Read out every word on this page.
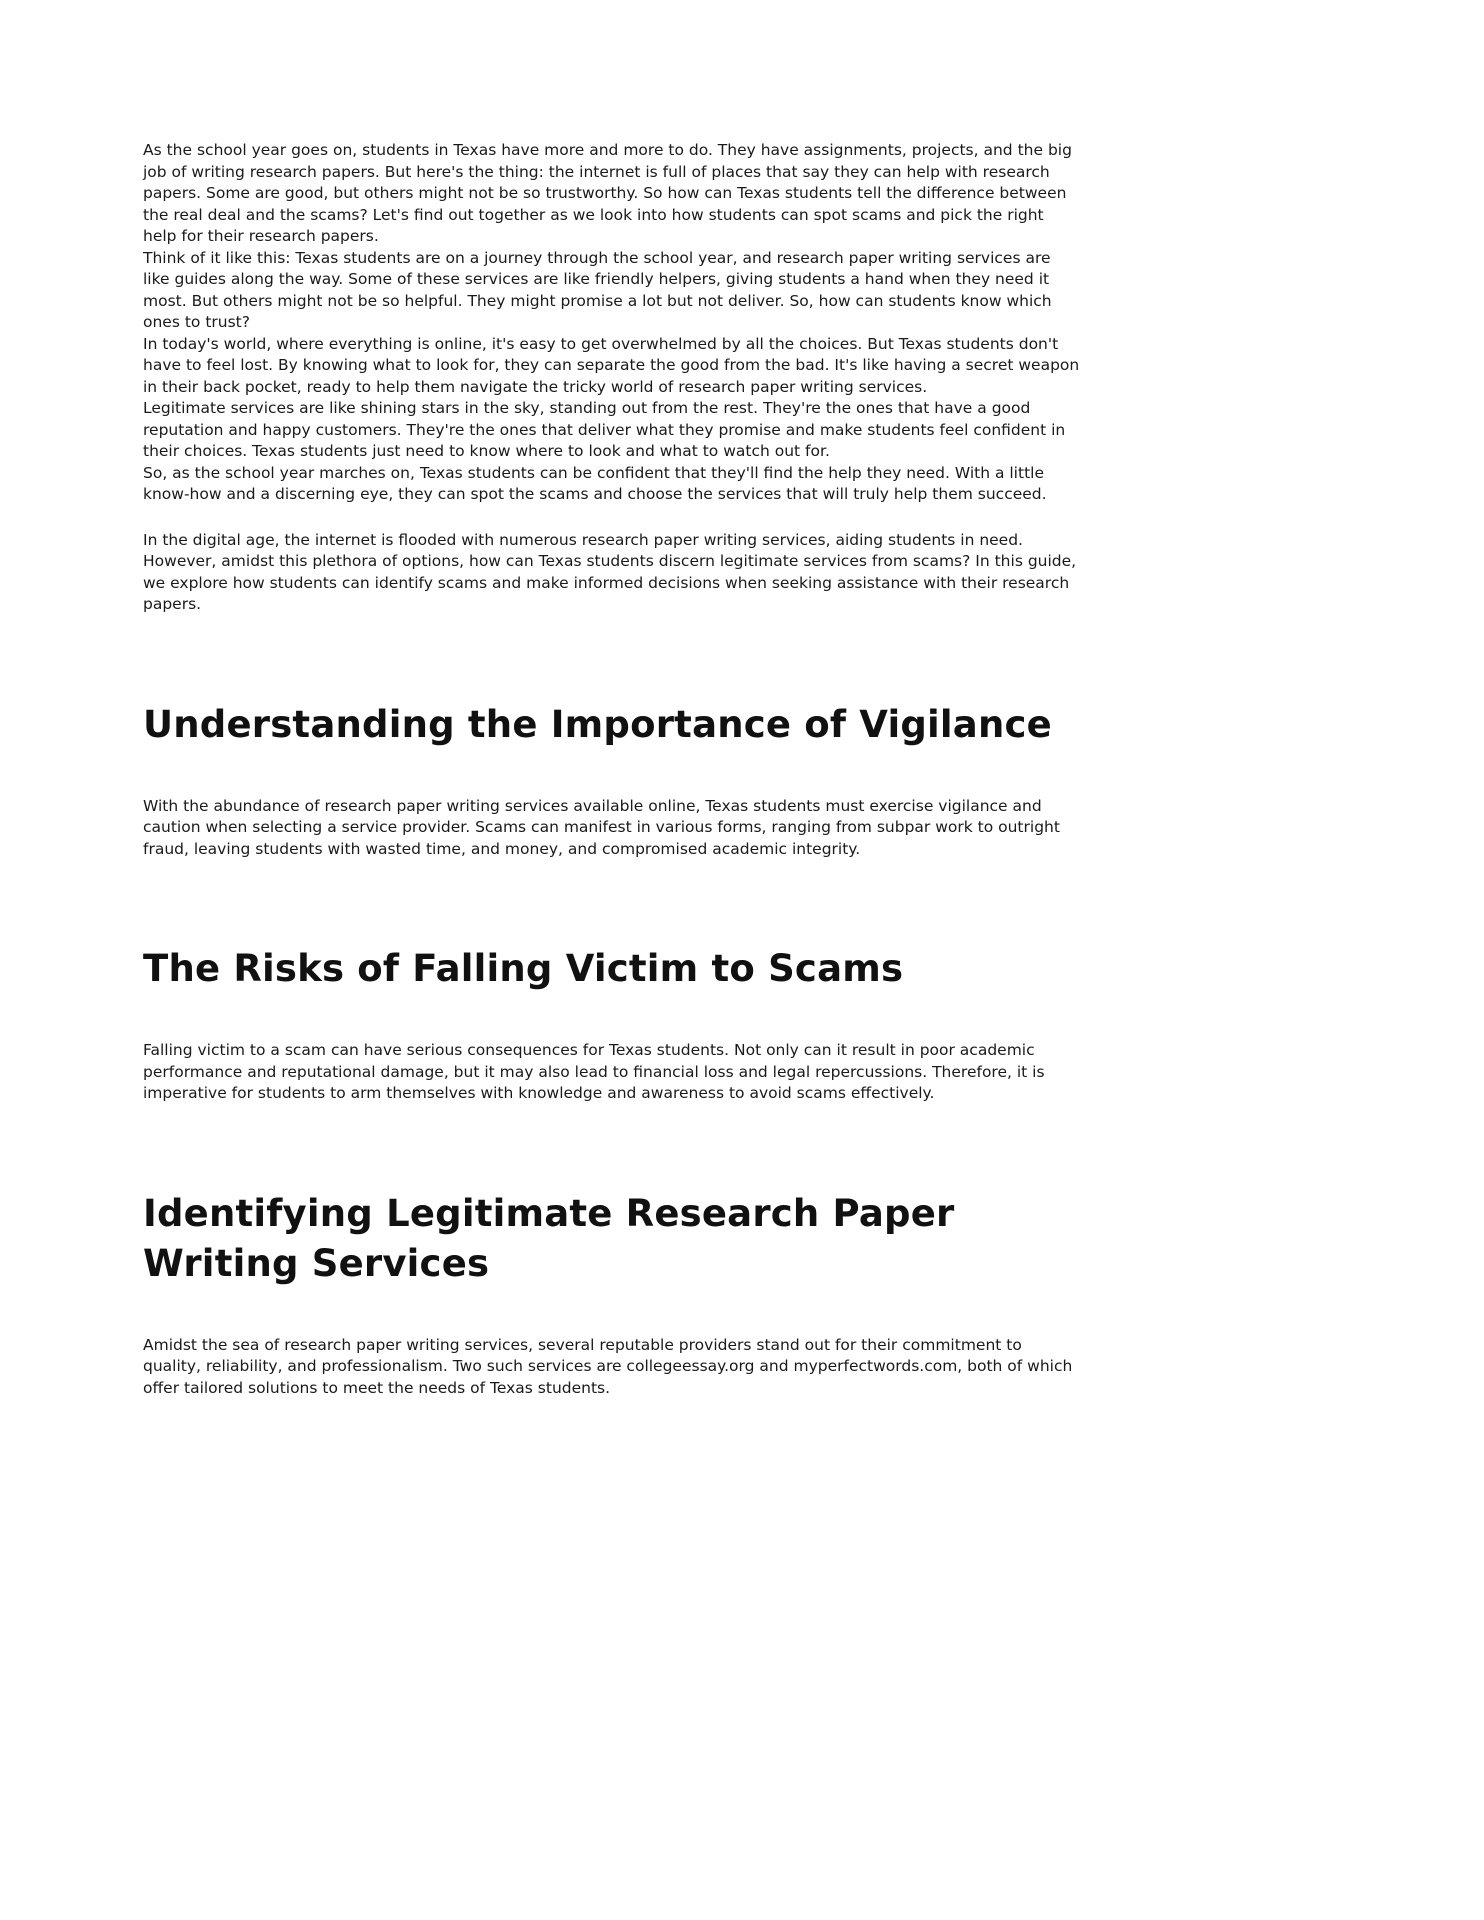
As the school year goes on, students in Texas have more and more to do. They have assignments, projects, and the big job of writing research papers. But here's the thing: the internet is full of places that say they can help with research papers. Some are good, but others might not be so trustworthy. So how can Texas students tell the difference between the real deal and the scams? Let's find out together as we look into how students can spot scams and pick the right help for their research papers.

Think of it like this: Texas students are on a journey through the school year, and research paper writing services are like guides along the way. Some of these services are like friendly helpers, giving students a hand when they need it most. But others might not be so helpful. They might promise a lot but not deliver. So, how can students know which ones to trust?

In today's world, where everything is online, it's easy to get overwhelmed by all the choices. But Texas students don't have to feel lost. By knowing what to look for, they can separate the good from the bad. It's like having a secret weapon in their back pocket, ready to help them navigate the tricky world of research paper writing services.

Legitimate services are like shining stars in the sky, standing out from the rest. They're the ones that have a good reputation and happy customers. They're the ones that deliver what they promise and make students feel confident in their choices. Texas students just need to know where to look and what to watch out for.

So, as the school year marches on, Texas students can be confident that they'll find the help they need. With a little know-how and a discerning eye, they can spot the scams and choose the services that will truly help them succeed.

In the digital age, the internet is flooded with numerous research paper writing services, aiding students in need. However, amidst this plethora of options, how can Texas students discern legitimate services from scams? In this guide, we explore how students can identify scams and make informed decisions when seeking assistance with their research papers.

Understanding the Importance of Vigilance

With the abundance of research paper writing services available online, Texas students must exercise vigilance and caution when selecting a service provider. Scams can manifest in various forms, ranging from subpar work to outright fraud, leaving students with wasted time, and money, and compromised academic integrity.

The Risks of Falling Victim to Scams

Falling victim to a scam can have serious consequences for Texas students. Not only can it result in poor academic performance and reputational damage, but it may also lead to financial loss and legal repercussions. Therefore, it is imperative for students to arm themselves with knowledge and awareness to avoid scams effectively.

Identifying Legitimate Research Paper Writing Services

Amidst the sea of research paper writing services, several reputable providers stand out for their commitment to quality, reliability, and professionalism. Two such services are collegeessay.org and myperfectwords.com, both of which offer tailored solutions to meet the needs of Texas students.
